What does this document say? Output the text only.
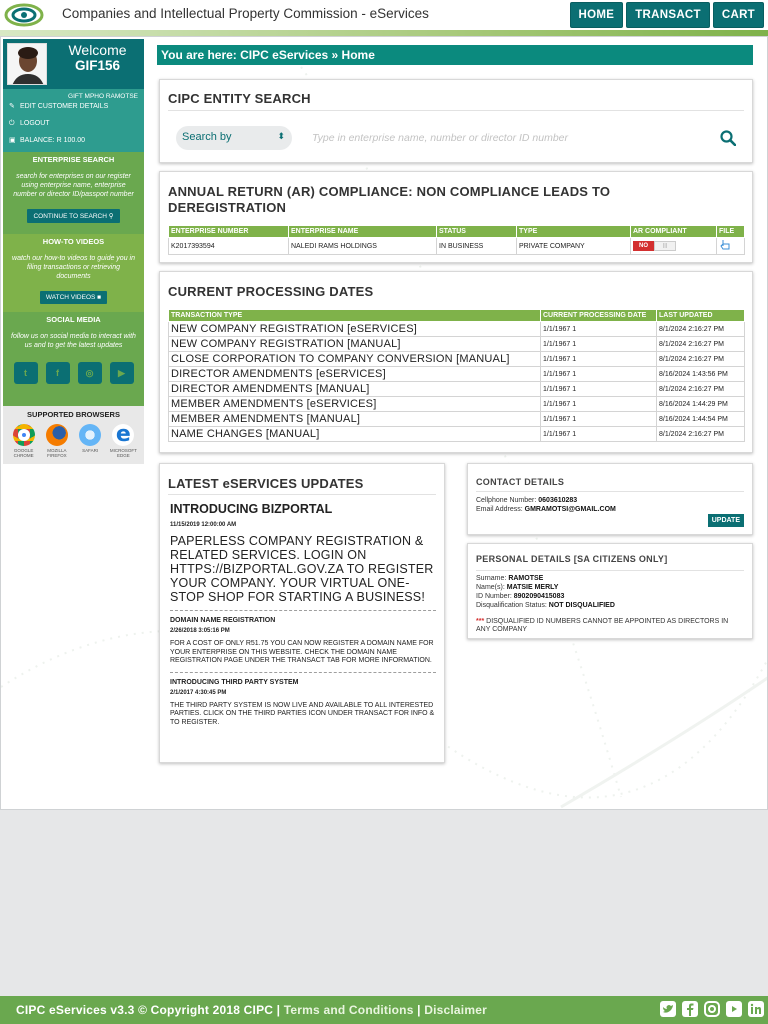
Companies and Intellectual Property Commission - eServices	HOME	TRANSACT	CART
Welcome
GIF156
GIFT MPHO RAMOTSE
✎ EDIT CUSTOMER DETAILS
⏻ LOGOUT
▣ BALANCE: R 100.00
ENTERPRISE SEARCH

search for enterprises on our register using enterprise name, enterprise number or director ID/passport number

CONTINUE TO SEARCH ⚲
HOW-TO VIDEOS

watch our how-to videos to guide you in filing transactions or retrieving documents

WATCH VIDEOS ■
SOCIAL MEDIA

follow us on social media to interact with us and to get the latest updates

t	f	◎	▶
SUPPORTED BROWSERS
GOOGLE CHROME
MOZILLA FIREFOX
SAFARI
e
MICROSOFT EDGE
You are here: CIPC eServices » Home
CIPC ENTITY SEARCH
Search by	⬍
Type in enterprise name, number or director ID number
ANNUAL RETURN (AR) COMPLIANCE: NON COMPLIANCE LEADS TO DEREGISTRATION
ENTERPRISE NUMBER	ENTERPRISE NAME	STATUS	TYPE	AR COMPLIANT	FILE
K2017393594	NALEDI RAMS HOLDINGS	IN BUSINESS	PRIVATE COMPANY	NO |||

CURRENT PROCESSING DATES
TRANSACTION TYPE	CURRENT PROCESSING DATE	LAST UPDATED
NEW COMPANY REGISTRATION [eSERVICES]	1/1/1967 1	8/1/2024 2:16:27 PM
NEW COMPANY REGISTRATION [MANUAL]	1/1/1967 1	8/1/2024 2:16:27 PM
CLOSE CORPORATION TO COMPANY CONVERSION [MANUAL]	1/1/1967 1	8/1/2024 2:16:27 PM
DIRECTOR AMENDMENTS [eSERVICES]	1/1/1967 1	8/16/2024 1:43:56 PM
DIRECTOR AMENDMENTS [MANUAL]	1/1/1967 1	8/1/2024 2:16:27 PM
MEMBER AMENDMENTS [eSERVICES]	1/1/1967 1	8/16/2024 1:44:29 PM
MEMBER AMENDMENTS [MANUAL]	1/1/1967 1	8/16/2024 1:44:54 PM
NAME CHANGES [MANUAL]	1/1/1967 1	8/1/2024 2:16:27 PM
LATEST eSERVICES UPDATES
INTRODUCING BIZPORTAL
11/15/2019 12:00:00 AM
PAPERLESS COMPANY REGISTRATION & RELATED SERVICES. LOGIN ON HTTPS://BIZPORTAL.GOV.ZA TO REGISTER YOUR COMPANY. YOUR VIRTUAL ONE-STOP SHOP FOR STARTING A BUSINESS!
DOMAIN NAME REGISTRATION
2/26/2018 3:05:16 PM
FOR A COST OF ONLY R51.75 YOU CAN NOW REGISTER A DOMAIN NAME FOR YOUR ENTERPRISE ON THIS WEBSITE. CHECK THE DOMAIN NAME REGISTRATION PAGE UNDER THE TRANSACT TAB FOR MORE INFORMATION.
INTRODUCING THIRD PARTY SYSTEM
2/1/2017 4:30:45 PM
THE THIRD PARTY SYSTEM IS NOW LIVE AND AVAILABLE TO ALL INTERESTED PARTIES. CLICK ON THE THIRD PARTIES ICON UNDER TRANSACT FOR INFO & TO REGISTER.
CONTACT DETAILS
Cellphone Number: 0603610283
Email Address: GMRAMOTSI@GMAIL.COM
UPDATE
PERSONAL DETAILS [SA CITIZENS ONLY]
Surname: RAMOTSE
Name(s): MATSIE MERLY
ID Number: 8902090415083
Disqualification Status: NOT DISQUALIFIED
*** DISQUALIFIED ID NUMBERS CANNOT BE APPOINTED AS DIRECTORS IN ANY COMPANY
CIPC eServices v3.3 © Copyright 2018 CIPC | Terms and Conditions | Disclaimer
